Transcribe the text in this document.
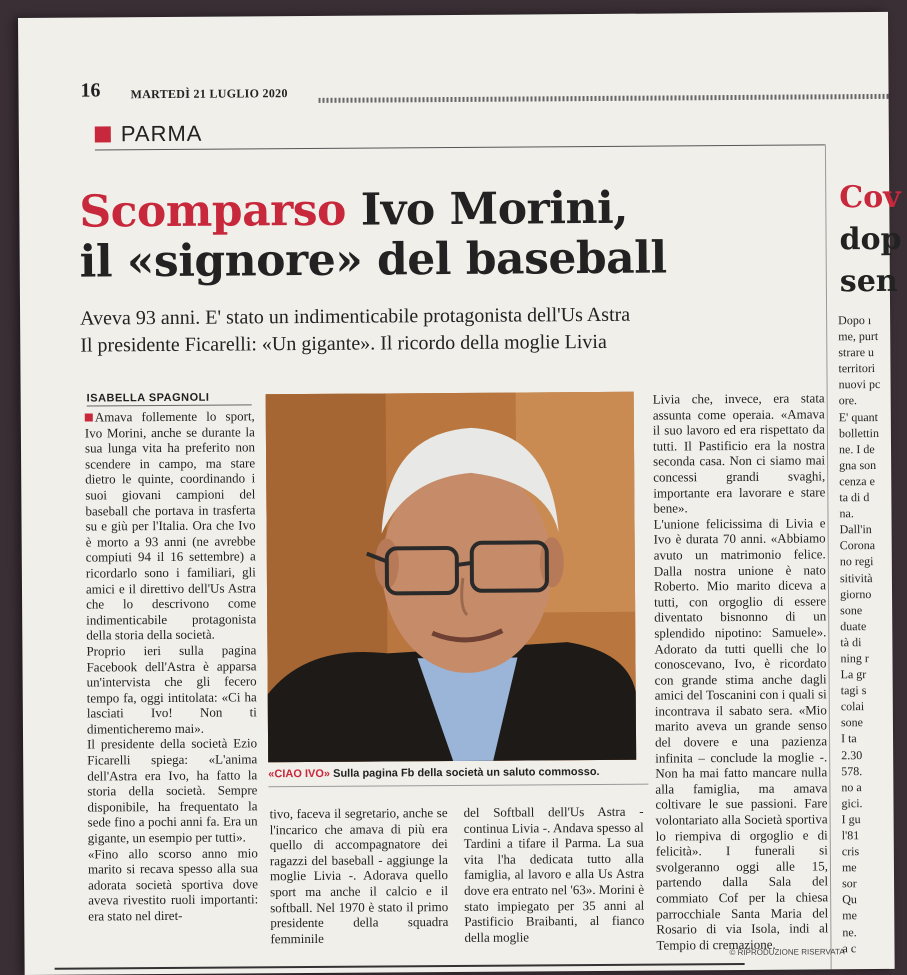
16 MARTEDÌ 21 LUGLIO 2020
PARMA
Scomparso Ivo Morini,
il «signore» del baseball
Aveva 93 anni. E' stato un indimenticabile protagonista dell'Us Astra
Il presidente Ficarelli: «Un gigante». Il ricordo della moglie Livia
ISABELLA SPAGNOLI

Amava follemente lo sport, Ivo Morini, anche se durante la sua lunga vita ha preferito non scendere in campo, ma stare dietro le quinte, coordinando i suoi giovani campioni del baseball che portava in trasferta su e giù per l'Italia. Ora che Ivo è morto a 93 anni (ne avrebbe compiuti 94 il 16 settembre) a ricordarlo sono i familiari, gli amici e il direttivo dell'Us Astra che lo descrivono come indimenticabile protagonista della storia della società.

Proprio ieri sulla pagina Facebook dell'Astra è apparsa un'intervista che gli fecero tempo fa, oggi intitolata: «Ci ha lasciati Ivo! Non ti dimenticheremo mai».

Il presidente della società Ezio Ficarelli spiega: «L'anima dell'Astra era Ivo, ha fatto la storia della società. Sempre disponibile, ha frequentato la sede fino a pochi anni fa. Era un gigante, un esempio per tutti».

«Fino allo scorso anno mio marito si recava spesso alla sua adorata società sportiva dove aveva rivestito ruoli importanti: era stato nel diret-

«CIAO IVO» Sulla pagina Fb della società un saluto commosso.

tivo, faceva il segretario, anche se l'incarico che amava di più era quello di accompagnatore dei ragazzi del baseball - aggiunge la moglie Livia -. Adorava quello sport ma anche il calcio e il softball. Nel 1970 è stato il primo presidente della squadra femminile

del Softball dell'Us Astra - continua Livia -. Andava spesso al Tardini a tifare il Parma. La sua vita l'ha dedicata tutto alla famiglia, al lavoro e alla Us Astra dove era entrato nel '63». Morini è stato impiegato per 35 anni al Pastificio Braibanti, al fianco della moglie

Livia che, invece, era stata assunta come operaia. «Amava il suo lavoro ed era rispettato da tutti. Il Pastificio era la nostra seconda casa. Non ci siamo mai concessi grandi svaghi, importante era lavorare e stare bene».

L'unione felicissima di Livia e Ivo è durata 70 anni. «Abbiamo avuto un matrimonio felice. Dalla nostra unione è nato Roberto. Mio marito diceva a tutti, con orgoglio di essere diventato bisnonno di un splendido nipotino: Samuele». Adorato da tutti quelli che lo conoscevano, Ivo, è ricordato con grande stima anche dagli amici del Toscanini con i quali si incontrava il sabato sera. «Mio marito aveva un grande senso del dovere e una pazienza infinita – conclude la moglie -. Non ha mai fatto mancare nulla alla famiglia, ma amava coltivare le sue passioni. Fare volontariato alla Società sportiva lo riempiva di orgoglio e di felicità». I funerali si svolgeranno oggi alle 15, partendo dalla Sala del commiato Cof per la chiesa parrocchiale Santa Maria del Rosario di via Isola, indi al Tempio di cremazione.

© RIPRODUZIONE RISERVATA
Cov
dop
sen

Dopo ı

me, purt

strare u

territori

nuovi pc

ore.

E' quant

bollettin

ne. I de

gna son

cenza e

ta di d

na.

Dall'in

Corona

no regi

sitività

giorno

sone

duate

tà di

ning r

La gr

tagi s

colai

sone

I ta

2.30

578.

no a

gici.

I gu

l'81

cris

me

sor

Qu

me

ne.

a c
